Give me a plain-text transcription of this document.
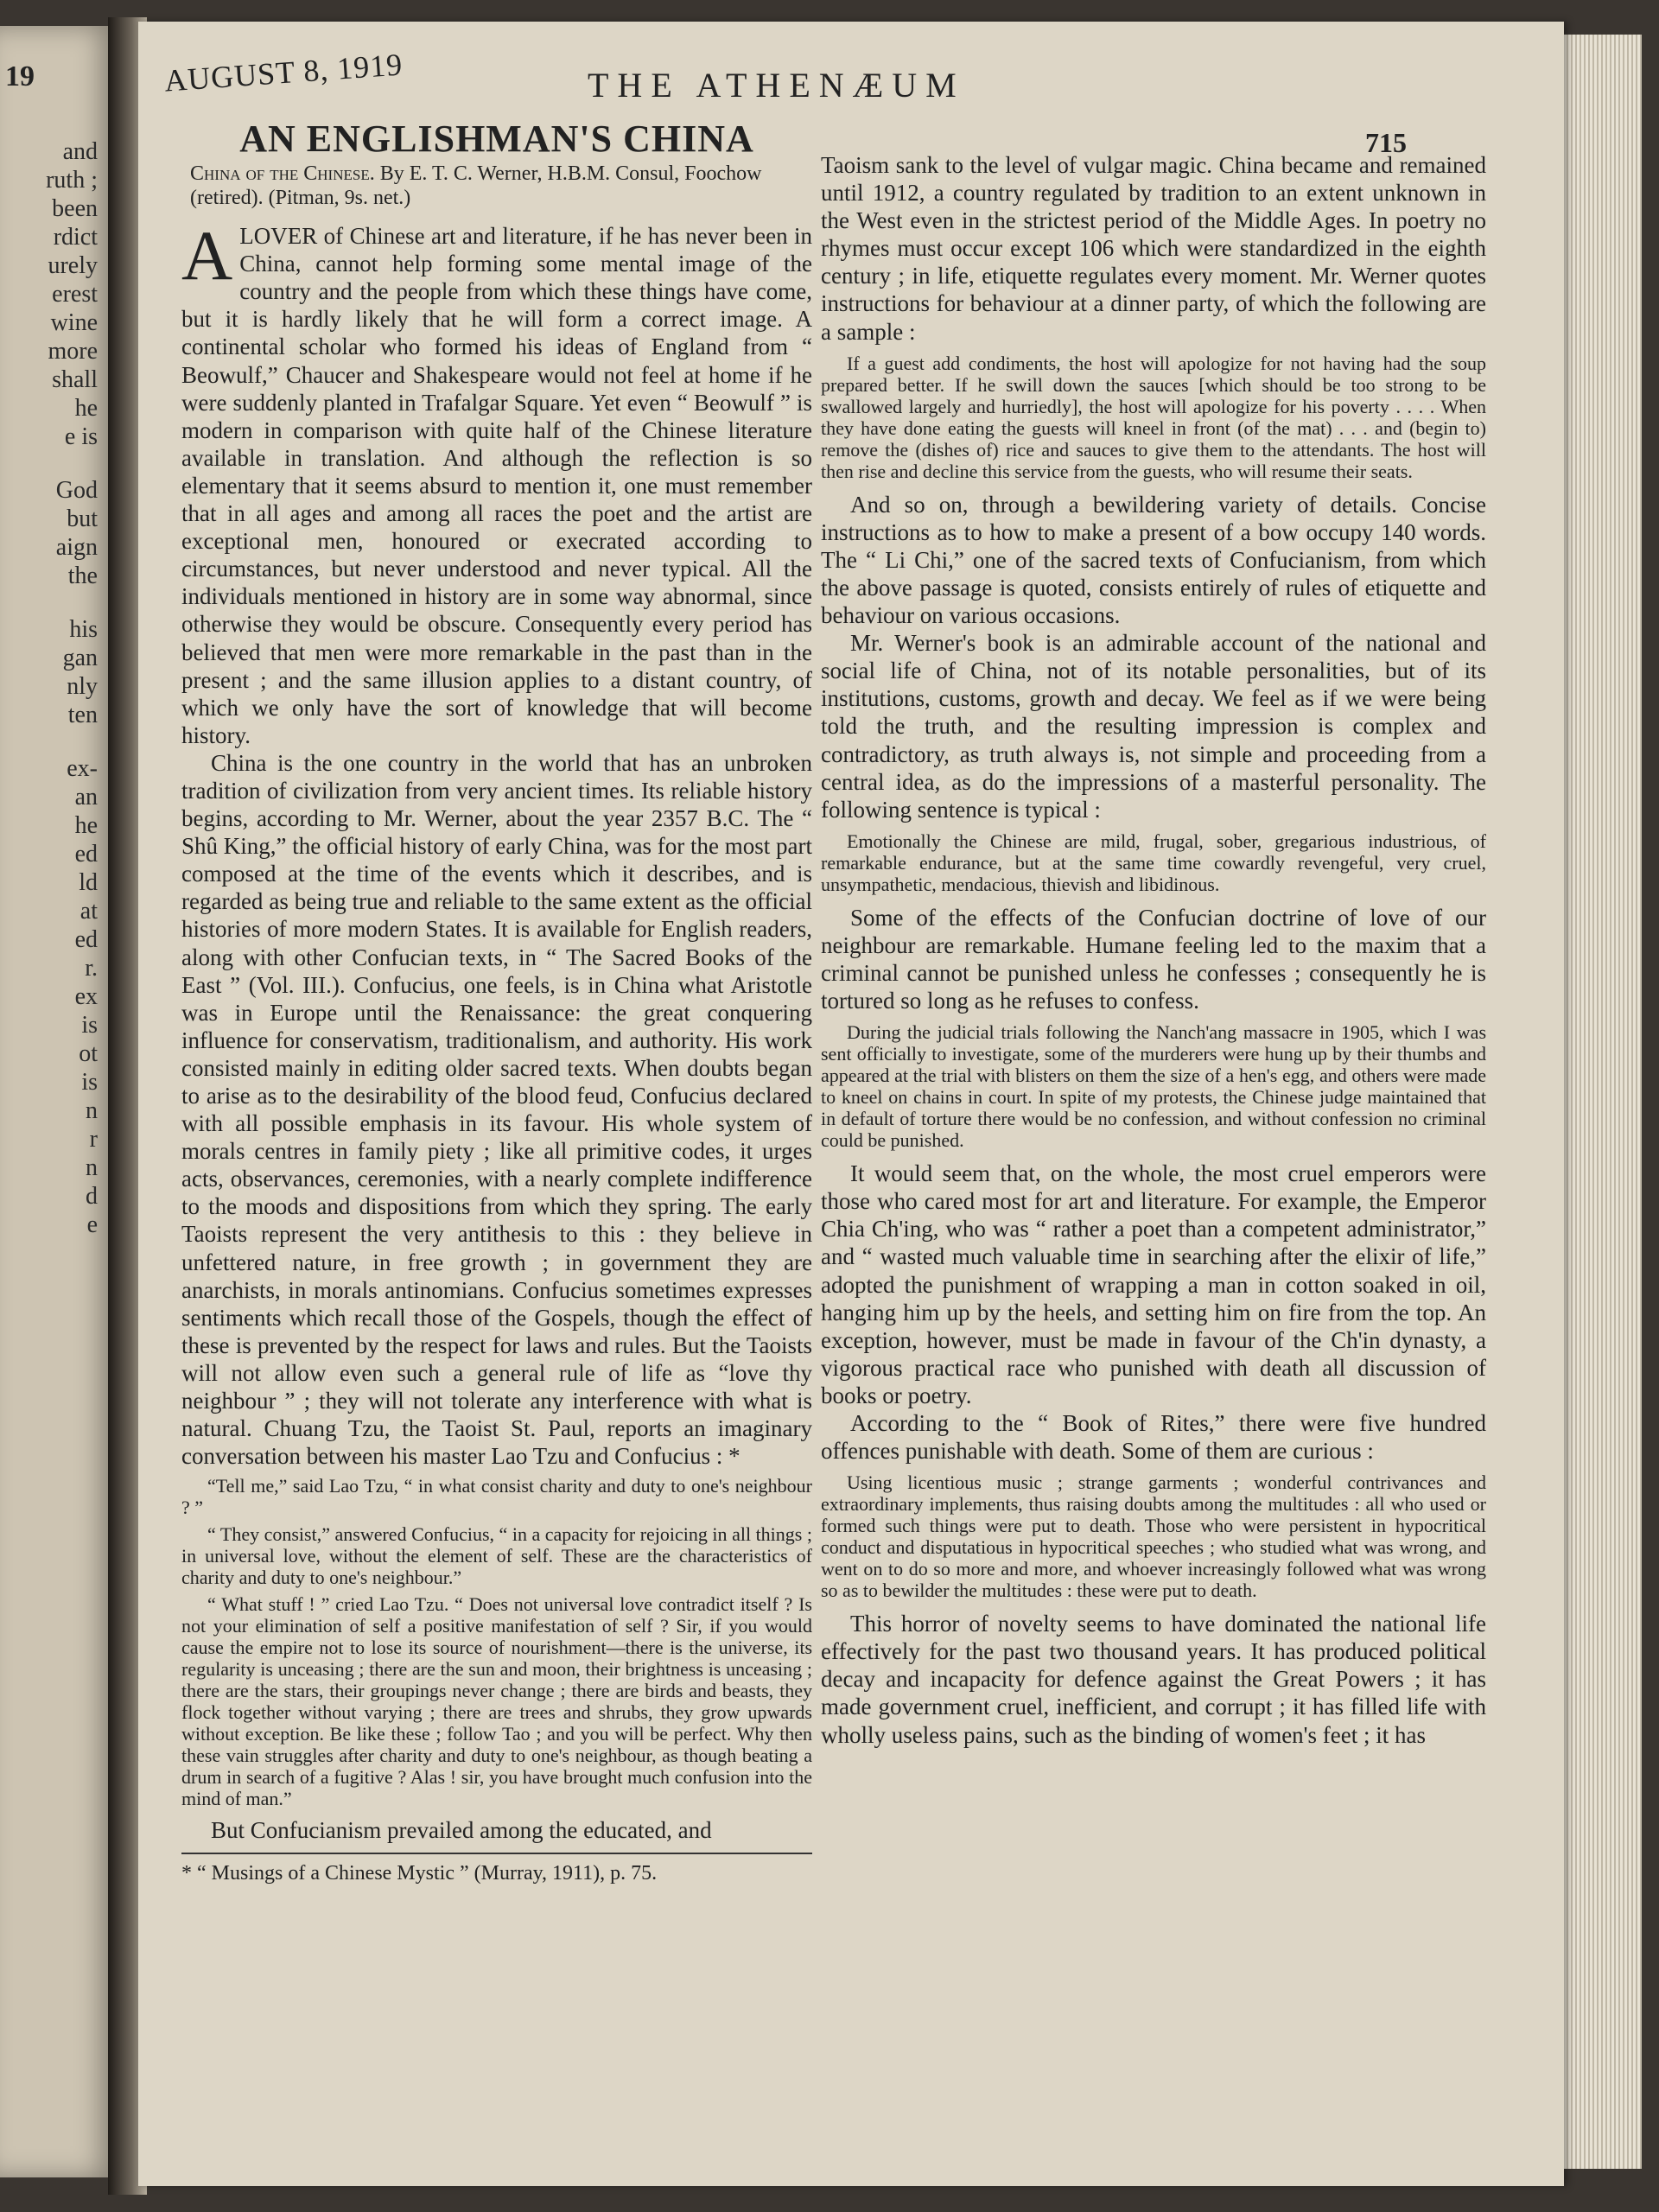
19
and
ruth ;
been
rdict
urely
erest
wine
more
shall
he
e is
God
but
aign
the
his
gan
nly
ten
ex-
an
he
ed
ld
at
ed
r.
ex
is
ot
is
n
r
n
d
e
AUGUST 8, 1919	THE ATHENÆUM
715
AN ENGLISHMAN'S CHINA
China of the Chinese. By E. T. C. Werner, H.B.M. Consul, Foochow (retired). (Pitman, 9s. net.)

ALOVER of Chinese art and literature, if he has never been in China, cannot help forming some mental image of the country and the people from which these things have come, but it is hardly likely that he will form a correct image. A continental scholar who formed his ideas of England from “ Beowulf,” Chaucer and Shakespeare would not feel at home if he were suddenly planted in Trafalgar Square. Yet even “ Beowulf ” is modern in comparison with quite half of the Chinese literature available in translation. And although the reflection is so elementary that it seems absurd to mention it, one must remember that in all ages and among all races the poet and the artist are exceptional men, honoured or execrated according to circumstances, but never understood and never typical. All the individuals mentioned in history are in some way abnormal, since otherwise they would be obscure. Consequently every period has believed that men were more remarkable in the past than in the present ; and the same illusion applies to a distant country, of which we only have the sort of knowledge that will become history.

China is the one country in the world that has an unbroken tradition of civilization from very ancient times. Its reliable history begins, according to Mr. Werner, about the year 2357 B.C. The “ Shû King,” the official history of early China, was for the most part composed at the time of the events which it describes, and is regarded as being true and reliable to the same extent as the official histories of more modern States. It is available for English readers, along with other Confucian texts, in “ The Sacred Books of the East ” (Vol. III.). Confucius, one feels, is in China what Aristotle was in Europe until the Renaissance: the great conquering influence for conservatism, traditionalism, and authority. His work consisted mainly in editing older sacred texts. When doubts began to arise as to the desirability of the blood feud, Confucius declared with all possible emphasis in its favour. His whole system of morals centres in family piety ; like all primitive codes, it urges acts, observances, ceremonies, with a nearly complete indifference to the moods and dispositions from which they spring. The early Taoists represent the very antithesis to this : they believe in unfettered nature, in free growth ; in government they are anarchists, in morals antinomians. Confucius sometimes expresses sentiments which recall those of the Gospels, though the effect of these is prevented by the respect for laws and rules. But the Taoists will not allow even such a general rule of life as “love thy neighbour ” ; they will not tolerate any interference with what is natural. Chuang Tzu, the Taoist St. Paul, reports an imaginary conversation between his master Lao Tzu and Confucius : *

“Tell me,” said Lao Tzu, “ in what consist charity and duty to one's neighbour ? ”

“ They consist,” answered Confucius, “ in a capacity for rejoicing in all things ; in universal love, without the element of self. These are the characteristics of charity and duty to one's neighbour.”

“ What stuff ! ” cried Lao Tzu. “ Does not universal love contradict itself ? Is not your elimination of self a positive manifestation of self ? Sir, if you would cause the empire not to lose its source of nourishment—there is the universe, its regularity is unceasing ; there are the sun and moon, their brightness is unceasing ; there are the stars, their groupings never change ; there are birds and beasts, they flock together without varying ; there are trees and shrubs, they grow upwards without exception. Be like these ; follow Tao ; and you will be perfect. Why then these vain struggles after charity and duty to one's neighbour, as though beating a drum in search of a fugitive ? Alas ! sir, you have brought much confusion into the mind of man.”

But Confucianism prevailed among the educated, and

* “ Musings of a Chinese Mystic ” (Murray, 1911), p. 75.

Taoism sank to the level of vulgar magic. China became and remained until 1912, a country regulated by tradition to an extent unknown in the West even in the strictest period of the Middle Ages. In poetry no rhymes must occur except 106 which were standardized in the eighth century ; in life, etiquette regulates every moment. Mr. Werner quotes instructions for behaviour at a dinner party, of which the following are a sample :

If a guest add condiments, the host will apologize for not having had the soup prepared better. If he swill down the sauces [which should be too strong to be swallowed largely and hurriedly], the host will apologize for his poverty . . . . When they have done eating the guests will kneel in front (of the mat) . . . and (begin to) remove the (dishes of) rice and sauces to give them to the attendants. The host will then rise and decline this service from the guests, who will resume their seats.

And so on, through a bewildering variety of details. Concise instructions as to how to make a present of a bow occupy 140 words. The “ Li Chi,” one of the sacred texts of Confucianism, from which the above passage is quoted, consists entirely of rules of etiquette and behaviour on various occasions.

Mr. Werner's book is an admirable account of the national and social life of China, not of its notable personalities, but of its institutions, customs, growth and decay. We feel as if we were being told the truth, and the resulting impression is complex and contradictory, as truth always is, not simple and proceeding from a central idea, as do the impressions of a masterful personality. The following sentence is typical :

Emotionally the Chinese are mild, frugal, sober, gregarious industrious, of remarkable endurance, but at the same time cowardly revengeful, very cruel, unsympathetic, mendacious, thievish and libidinous.

Some of the effects of the Confucian doctrine of love of our neighbour are remarkable. Humane feeling led to the maxim that a criminal cannot be punished unless he confesses ; consequently he is tortured so long as he refuses to confess.

During the judicial trials following the Nanch'ang massacre in 1905, which I was sent officially to investigate, some of the murderers were hung up by their thumbs and appeared at the trial with blisters on them the size of a hen's egg, and others were made to kneel on chains in court. In spite of my protests, the Chinese judge maintained that in default of torture there would be no confession, and without confession no criminal could be punished.

It would seem that, on the whole, the most cruel emperors were those who cared most for art and literature. For example, the Emperor Chia Ch'ing, who was “ rather a poet than a competent administrator,” and “ wasted much valuable time in searching after the elixir of life,” adopted the punishment of wrapping a man in cotton soaked in oil, hanging him up by the heels, and setting him on fire from the top. An exception, however, must be made in favour of the Ch'in dynasty, a vigorous practical race who punished with death all discussion of books or poetry.

According to the “ Book of Rites,” there were five hundred offences punishable with death. Some of them are curious :

Using licentious music ; strange garments ; wonderful contrivances and extraordinary implements, thus raising doubts among the multitudes : all who used or formed such things were put to death. Those who were persistent in hypocritical conduct and disputatious in hypocritical speeches ; who studied what was wrong, and went on to do so more and more, and whoever increasingly followed what was wrong so as to bewilder the multitudes : these were put to death.

This horror of novelty seems to have dominated the national life effectively for the past two thousand years. It has produced political decay and incapacity for defence against the Great Powers ; it has made government cruel, inefficient, and corrupt ; it has filled life with wholly useless pains, such as the binding of women's feet ; it has
